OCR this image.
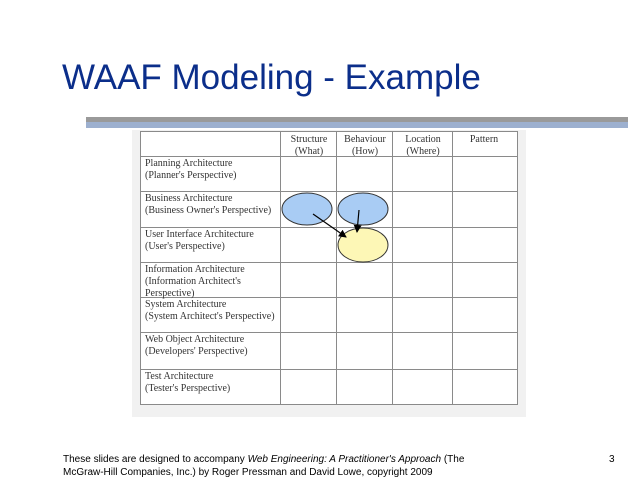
WAAF Modeling - Example
Structure
(What)
Behaviour
(How)
Location
(Where)
Pattern
Planning Architecture
(Planner's Perspective)
Business Architecture
(Business Owner's Perspective)
User Interface Architecture
(User's Perspective)
Information Architecture
(Information Architect's
Perspective)
System Architecture
(System Architect's Perspective)
Web Object Architecture
(Developers' Perspective)
Test Architecture
(Tester's Perspective)
These slides are designed to accompany Web Engineering: A Practitioner's Approach (The
McGraw-Hill Companies, Inc.) by Roger Pressman and David Lowe, copyright 2009
3
